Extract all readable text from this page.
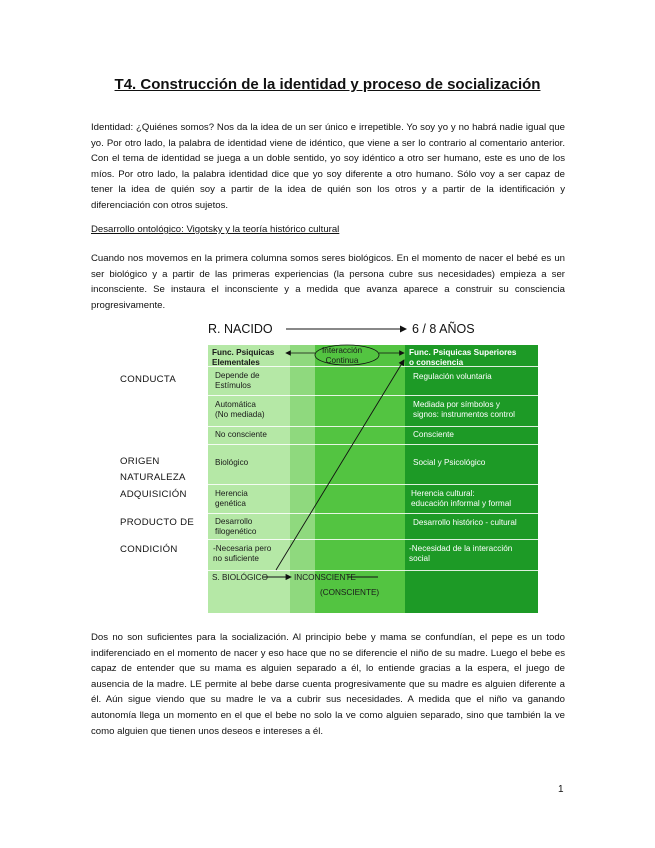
T4. Construcción de la identidad y proceso de socialización

Identidad: ¿Quiénes somos? Nos da la idea de un ser único e irrepetible. Yo soy yo y no habrá nadie igual que yo. Por otro lado, la palabra de identidad viene de idéntico, que viene a ser lo contrario al comentario anterior. Con el tema de identidad se juega a un doble sentido, yo soy idéntico a otro ser humano, este es uno de los míos. Por otro lado, la palabra identidad dice que yo soy diferente a otro humano. Sólo voy a ser capaz de tener la idea de quién soy a partir de la idea de quién son los otros y a partir de la identificación y diferenciación con otros sujetos.

Desarrollo ontológico: Vigotsky y la teoría histórico cultural

Cuando nos movemos en la primera columna somos seres biológicos. En el momento de nacer el bebé es un ser biológico y a partir de las primeras experiencias (la persona cubre sus necesidades) empieza a ser inconsciente. Se instaura el inconsciente y a medida que avanza aparece a construir su consciencia progresivamente.

R. NACIDO	6 / 8 AÑOS
Func. Psiquicas
Elementales
Interacción
Continua
Func. Psiquicas Superiores
o consciencia
CONDUCTA
ORIGEN
NATURALEZA
ADQUISICIÓN
PRODUCTO DE
CONDICIÓN
Depende de
Estímulos
Automática
(No mediada)
No consciente
Biológico
Herencia
genética
Desarrollo
filogenético
-Necesaria pero
no suficiente
Regulación voluntaria
Mediada por símbolos y
signos: instrumentos control
Consciente
Social y Psicológico
Herencia cultural:
educación informal y formal
Desarrollo histórico - cultural
-Necesidad de la interacción
social
S. BIOLÓGICO	INCONSCIENTE
(CONSCIENTE)

Dos no son suficientes para la socialización. Al principio bebe y mama se confundían, el pepe es un todo indiferenciado en el momento de nacer y eso hace que no se diferencie el niño de su madre. Luego el bebe es capaz de entender que su mama es alguien separado a él, lo entiende gracias a la espera, el juego de ausencia de la madre. LE permite al bebe darse cuenta progresivamente que su madre es alguien diferente a él. Aún sigue viendo que su madre le va a cubrir sus necesidades. A medida que el niño va ganando autonomía llega un momento en el que el bebe no solo la ve como alguien separado, sino que también la ve como alguien que tienen unos deseos e intereses a él.

1
